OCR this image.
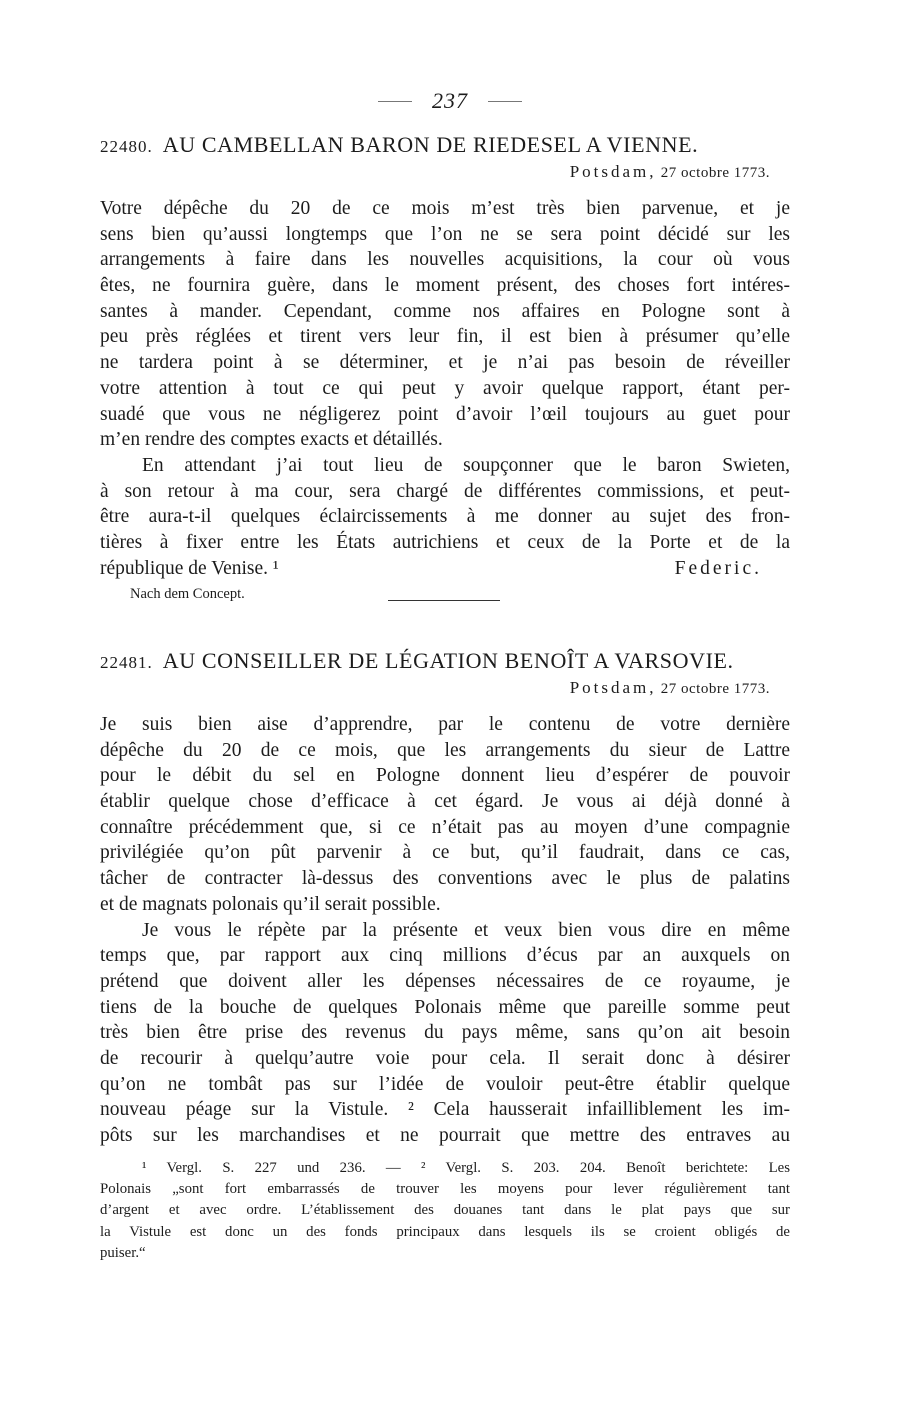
237
22480. AU CAMBELLAN BARON DE RIEDESEL A VIENNE.
Potsdam, 27 octobre 1773.
Votre dépêche du 20 de ce mois m’est très bien parvenue, et je
sens bien qu’aussi longtemps que l’on ne se sera point décidé sur les
arrangements à faire dans les nouvelles acquisitions, la cour où vous
êtes, ne fournira guère, dans le moment présent, des choses fort intéres-
santes à mander. Cependant, comme nos affaires en Pologne sont à
peu près réglées et tirent vers leur fin, il est bien à présumer qu’elle
ne tardera point à se déterminer, et je n’ai pas besoin de réveiller
votre attention à tout ce qui peut y avoir quelque rapport, étant per-
suadé que vous ne négligerez point d’avoir l’œil toujours au guet pour
m’en rendre des comptes exacts et détaillés.
En attendant j’ai tout lieu de soupçonner que le baron Swieten,
à son retour à ma cour, sera chargé de différentes commissions, et peut-
être aura-t-il quelques éclaircissements à me donner au sujet des fron-
tières à fixer entre les États autrichiens et ceux de la Porte et de la
république de Venise. ¹	Federic.
Nach dem Concept.
22481. AU CONSEILLER DE LÉGATION BENOÎT A VARSOVIE.
Potsdam, 27 octobre 1773.
Je suis bien aise d’apprendre, par le contenu de votre dernière
dépêche du 20 de ce mois, que les arrangements du sieur de Lattre
pour le débit du sel en Pologne donnent lieu d’espérer de pouvoir
établir quelque chose d’efficace à cet égard. Je vous ai déjà donné à
connaître précédemment que, si ce n’était pas au moyen d’une compagnie
privilégiée qu’on pût parvenir à ce but, qu’il faudrait, dans ce cas,
tâcher de contracter là-dessus des conventions avec le plus de palatins
et de magnats polonais qu’il serait possible.
Je vous le répète par la présente et veux bien vous dire en même
temps que, par rapport aux cinq millions d’écus par an auxquels on
prétend que doivent aller les dépenses nécessaires de ce royaume, je
tiens de la bouche de quelques Polonais même que pareille somme peut
très bien être prise des revenus du pays même, sans qu’on ait besoin
de recourir à quelqu’autre voie pour cela. Il serait donc à désirer
qu’on ne tombât pas sur l’idée de vouloir peut-être établir quelque
nouveau péage sur la Vistule. ² Cela hausserait infailliblement les im-
pôts sur les marchandises et ne pourrait que mettre des entraves au
¹ Vergl. S. 227 und 236. — ² Vergl. S. 203. 204. Benoît berichtete: Les
Polonais „sont fort embarrassés de trouver les moyens pour lever régulièrement tant
d’argent et avec ordre. L’établissement des douanes tant dans le plat pays que sur
la Vistule est donc un des fonds principaux dans lesquels ils se croient obligés de
puiser.“
